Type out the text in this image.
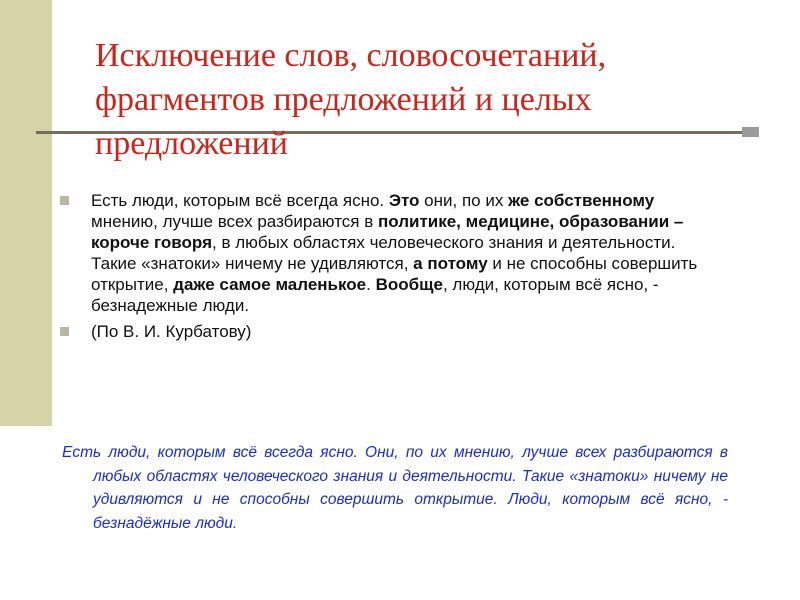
Исключение слов, словосочетаний, фрагментов предложений и целых предложений
Есть люди, которым всё всегда ясно. Это они, по их же собственному мнению, лучше всех разбираются в политике, медицине, образовании – короче говоря, в любых областях человеческого знания и деятельности. Такие «знатоки» ничему не удивляются, а потому и не способны совершить открытие, даже самое маленькое. Вообще, люди, которым всё ясно, - безнадежные люди.
(По В. И. Курбатову)

Есть люди, которым всё всегда ясно. Они, по их мнению, лучше всех разбираются в любых областях человеческого знания и деятельности. Такие «знатоки» ничему не удивляются и не способны совершить открытие. Люди, которым всё ясно, - безнадёжные люди.
